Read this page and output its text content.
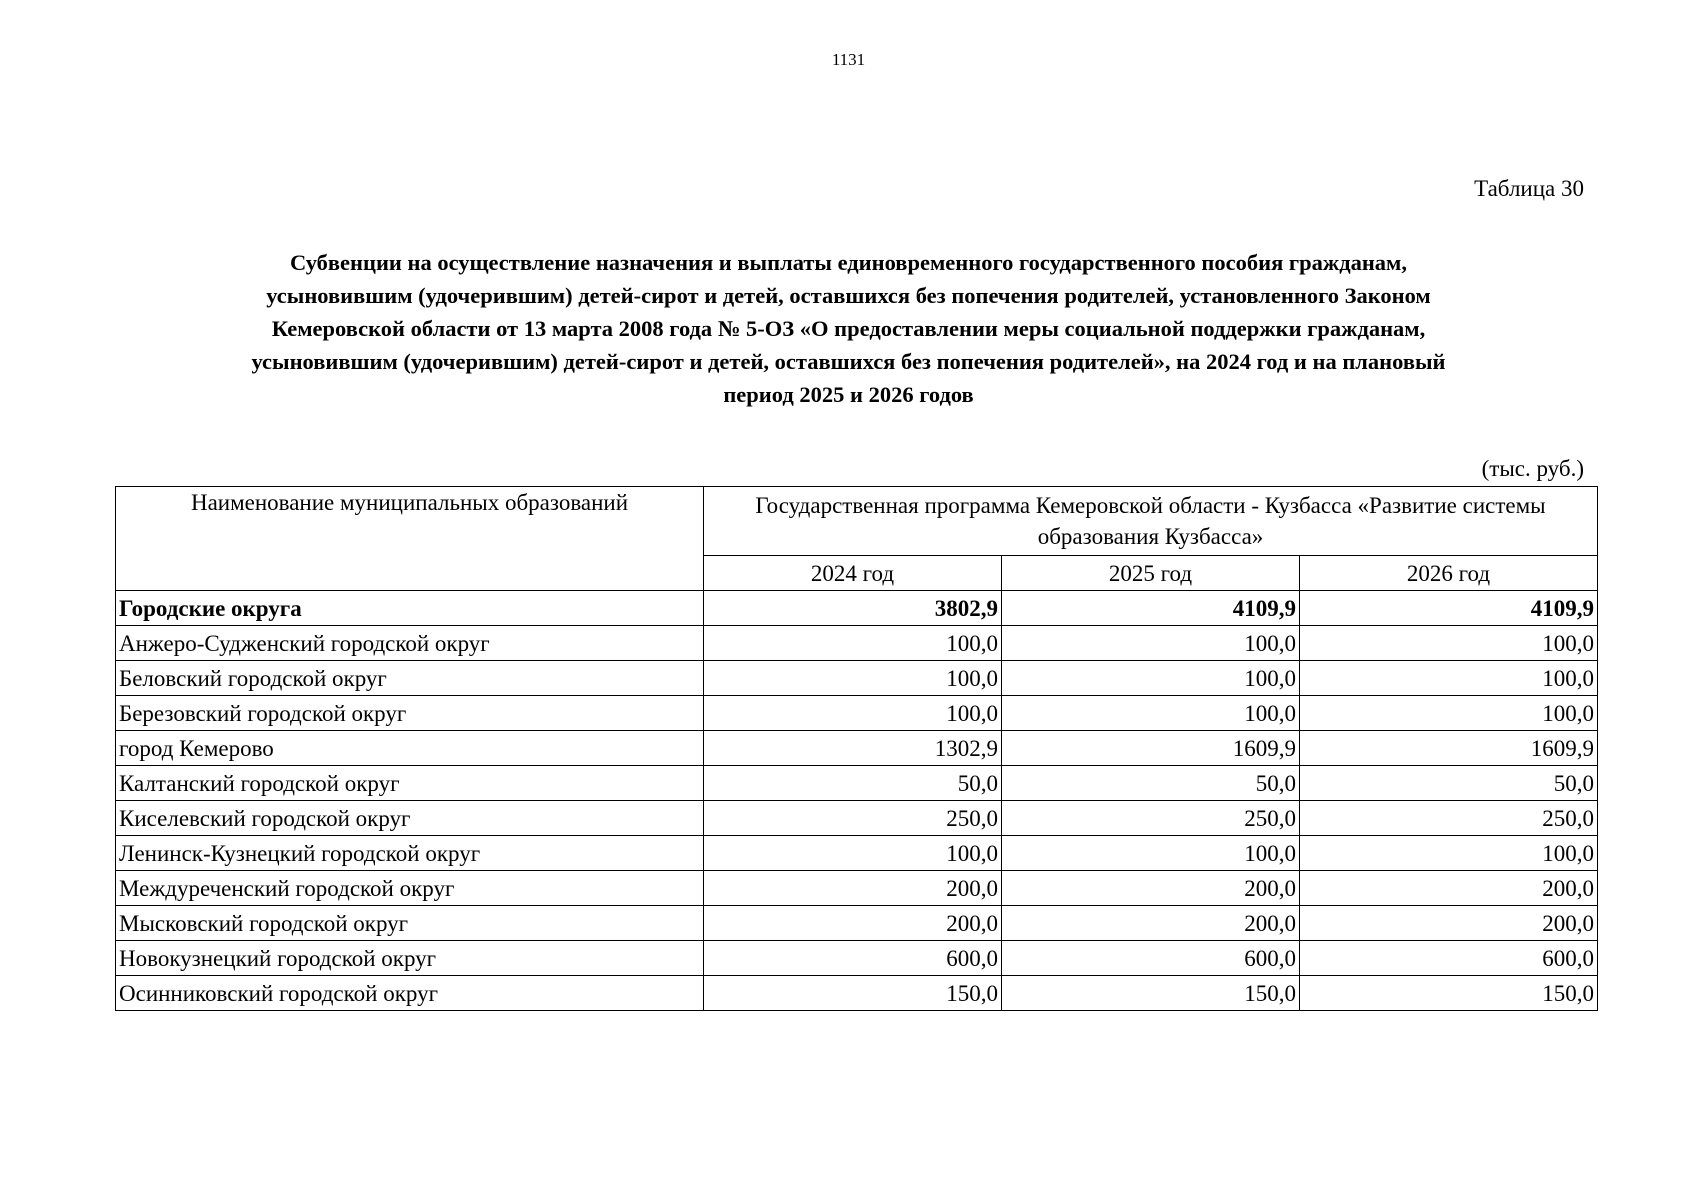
1131
Таблица 30
Субвенции на осуществление назначения и выплаты единовременного государственного пособия гражданам,
усыновившим (удочерившим) детей-сирот и детей, оставшихся без попечения родителей, установленного Законом
Кемеровской области от 13 марта 2008 года № 5-ОЗ «О предоставлении меры социальной поддержки гражданам,
усыновившим (удочерившим) детей-сирот и детей, оставшихся без попечения родителей», на 2024 год и на плановый
период 2025 и 2026 годов
(тыс. руб.)
Наименование муниципальных образований	Государственная программа Кемеровской области - Кузбасса «Развитие системы образования Кузбасса»		
	2024 год	2025 год	2026 год
Городские округа	3802,9	4109,9	4109,9
Анжеро-Судженский городской округ	100,0	100,0	100,0
Беловский городской округ	100,0	100,0	100,0
Березовский городской округ	100,0	100,0	100,0
город Кемерово	1302,9	1609,9	1609,9
Калтанский городской округ	50,0	50,0	50,0
Киселевский городской округ	250,0	250,0	250,0
Ленинск-Кузнецкий городской округ	100,0	100,0	100,0
Междуреченский городской округ	200,0	200,0	200,0
Мысковский городской округ	200,0	200,0	200,0
Новокузнецкий городской округ	600,0	600,0	600,0
Осинниковский городской округ	150,0	150,0	150,0
